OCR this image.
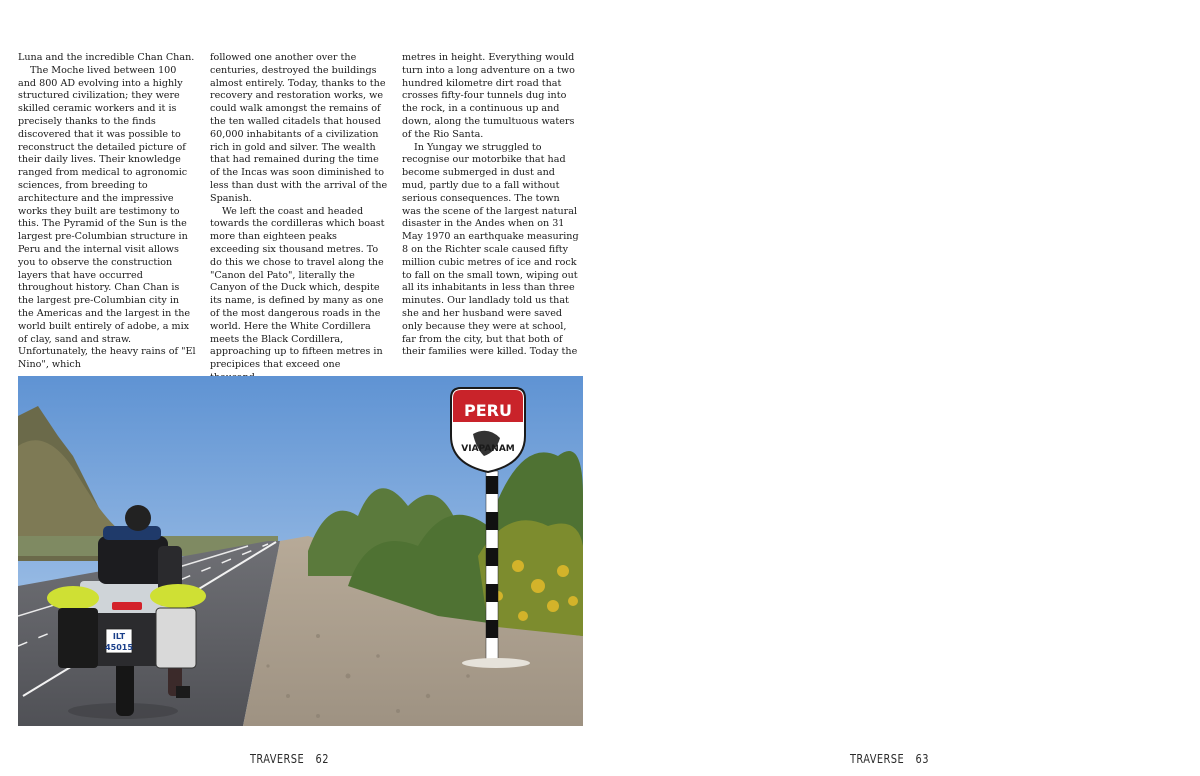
Luna and the incredible Chan Chan.

The Moche lived between 100 and 800 AD evolving into a highly structured civilization; they were skilled ceramic workers and it is precisely thanks to the finds discovered that it was possible to reconstruct the detailed picture of their daily lives. Their knowledge ranged from medical to agronomic sciences, from breeding to architecture and the impressive works they built are testimony to this. The Pyramid of the Sun is the largest pre-Columbian structure in Peru and the internal visit allows you to observe the construction layers that have occurred throughout history. Chan Chan is the largest pre-Columbian city in the Americas and the largest in the world built entirely of adobe, a mix of clay, sand and straw. Unfortunately, the heavy rains of "El Nino", which

followed one another over the centuries, destroyed the buildings almost entirely. Today, thanks to the recovery and restoration works, we could walk amongst the remains of the ten walled citadels that housed 60,000 inhabitants of a civilization rich in gold and silver. The wealth that had remained during the time of the Incas was soon diminished to less than dust with the arrival of the Spanish.

We left the coast and headed towards the cordilleras which boast more than eighteen peaks exceeding six thousand metres. To do this we chose to travel along the "Canon del Pato", literally the Canyon of the Duck which, despite its name, is defined by many as one of the most dangerous roads in the world. Here the White Cordillera meets the Black Cordillera, approaching up to fifteen metres in precipices that exceed one

metres in height. Everything would turn into a long adventure on a two hundred kilometre dirt road that crosses fifty-four tunnels dug into the rock, in a continuous up and down, along the tumultuous waters of the Rio Santa.

In Yungay we struggled to recognise our motorbike that had become submerged in dust and mud, partly due to a fall without serious consequences. The town was the scene of the largest natural disaster in the Andes when on 31 May 1970 an earthquake measuring 8 on the Richter scale caused fifty million cubic metres of ice and rock to fall on the small town, wiping out all its inhabitants in less than three minutes. Our landlady told us that she and her husband were saved only because they were at school, far from the city, but that both of their families were killed. Today the

PERU
VIAPANAM
ILT
45015
TRAVERSE 62	TRAVERSE 63
